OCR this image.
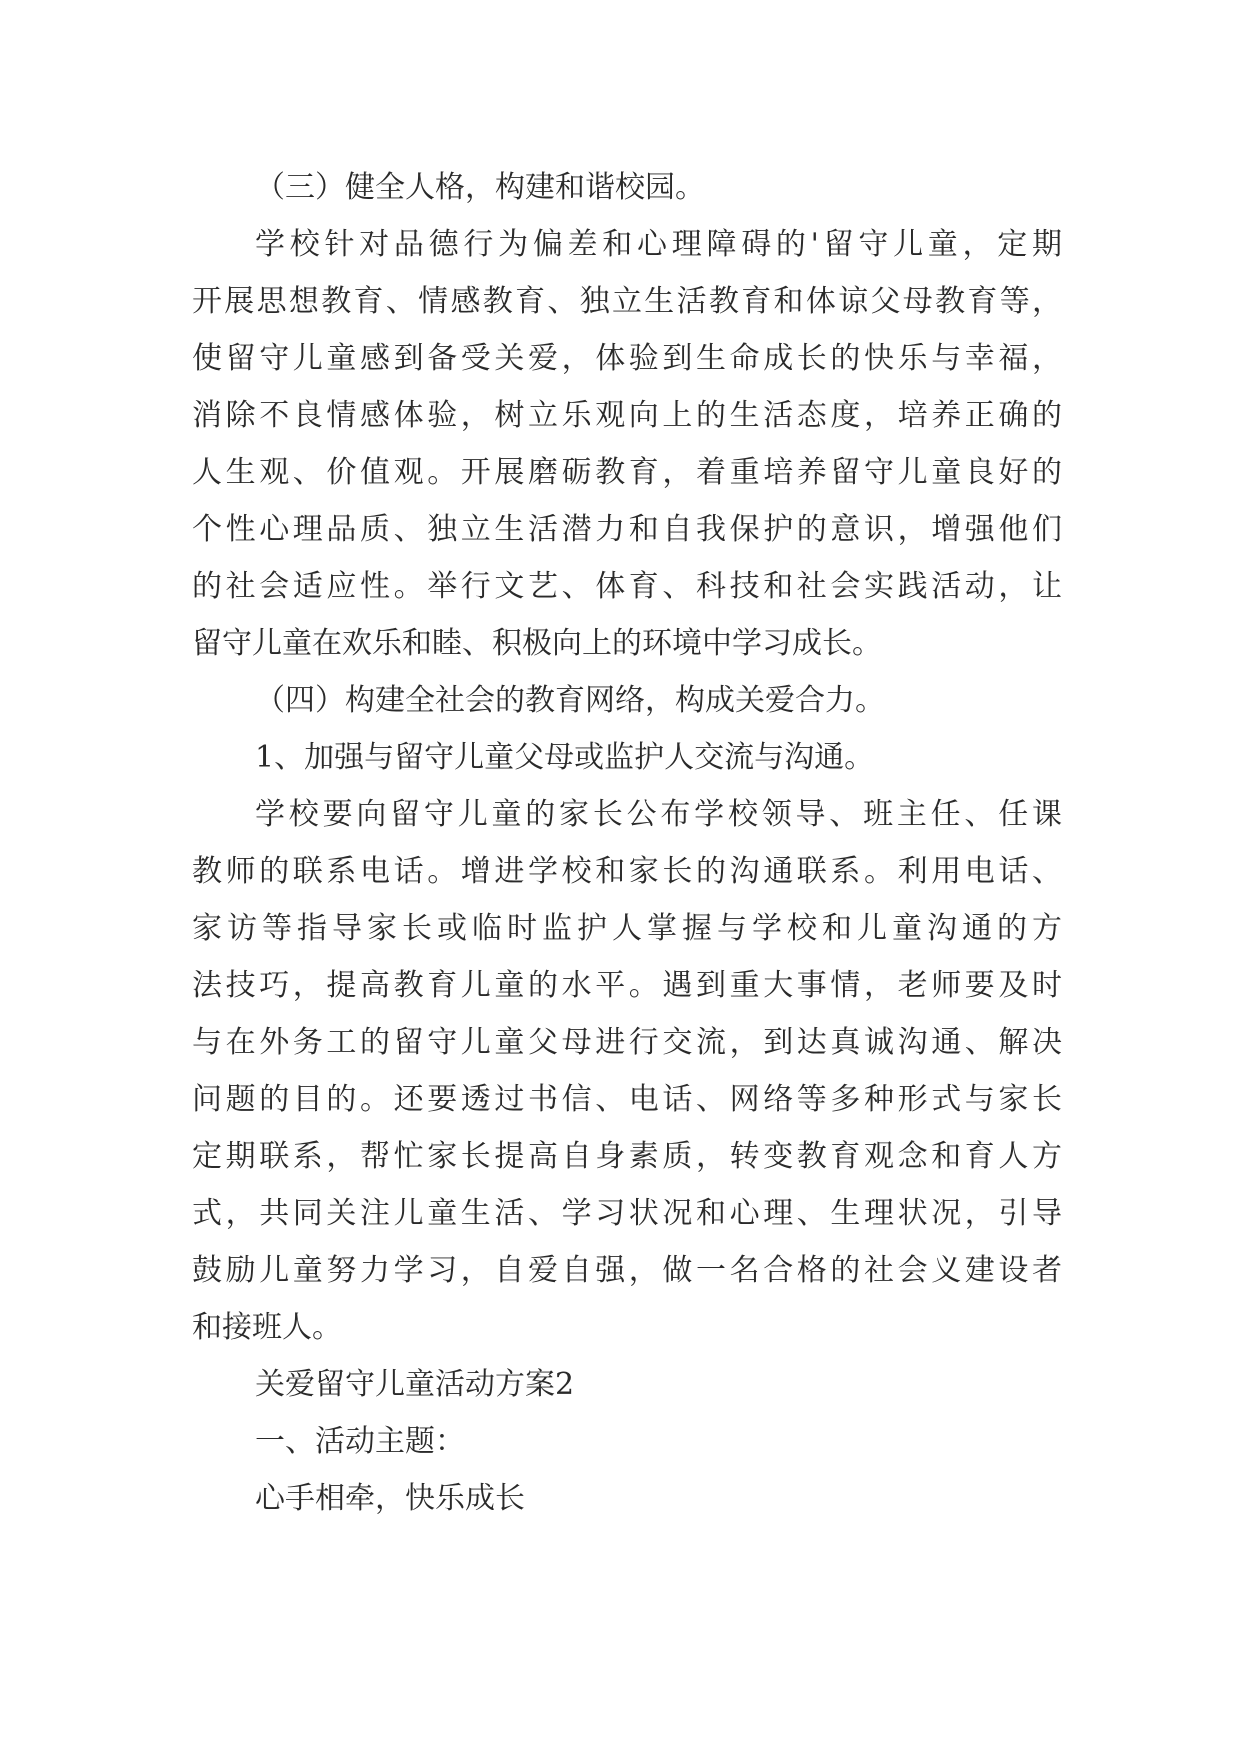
（三）健全人格，构建和谐校园。

学校针对品德行为偏差和心理障碍的'留守儿童，定期

开展思想教育、情感教育、独立生活教育和体谅父母教育等，

使留守儿童感到备受关爱，体验到生命成长的快乐与幸福，

消除不良情感体验，树立乐观向上的生活态度，培养正确的

人生观、价值观。开展磨砺教育，着重培养留守儿童良好的

个性心理品质、独立生活潜力和自我保护的意识，增强他们

的社会适应性。举行文艺、体育、科技和社会实践活动，让

留守儿童在欢乐和睦、积极向上的环境中学习成长。

（四）构建全社会的教育网络，构成关爱合力。

1、加强与留守儿童父母或监护人交流与沟通。

学校要向留守儿童的家长公布学校领导、班主任、任课

教师的联系电话。增进学校和家长的沟通联系。利用电话、

家访等指导家长或临时监护人掌握与学校和儿童沟通的方

法技巧，提高教育儿童的水平。遇到重大事情，老师要及时

与在外务工的留守儿童父母进行交流，到达真诚沟通、解决

问题的目的。还要透过书信、电话、网络等多种形式与家长

定期联系，帮忙家长提高自身素质，转变教育观念和育人方

式，共同关注儿童生活、学习状况和心理、生理状况，引导

鼓励儿童努力学习，自爱自强，做一名合格的社会义建设者

和接班人。

关爱留守儿童活动方案2

一、活动主题：

心手相牵，快乐成长
